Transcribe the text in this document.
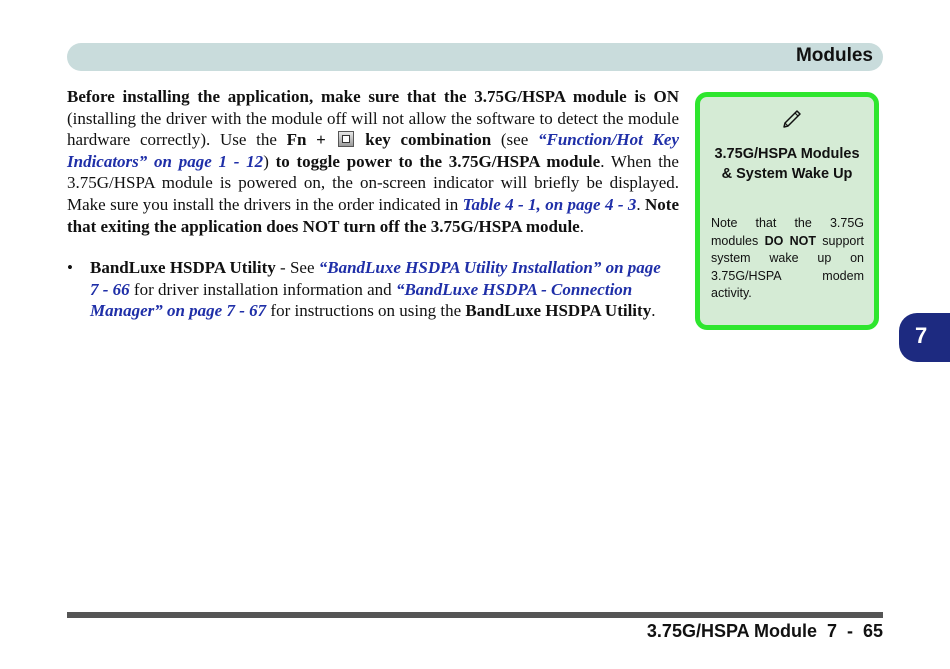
Modules

Before installing the application, make sure that the 3.75G/HSPA module is ON (installing the driver with the module off will not allow the software to detect the module hardware correctly). Use the Fn +  key combination (see “Function/Hot Key Indicators” on page 1 - 12) to toggle power to the 3.75G/HSPA module. When the 3.75G/HSPA module is powered on, the on-screen indicator will briefly be displayed. Make sure you install the drivers in the order indicated in Table 4 - 1, on page 4 - 3. Note that exiting the application does NOT turn off the 3.75G/HSPA module.

• BandLuxe HSDPA Utility - See “BandLuxe HSDPA Utility Installation” on page 7 - 66 for driver installation information and “BandLuxe HSDPA - Connection Manager” on page 7 - 67 for instructions on using the BandLuxe HSDPA Utility.
3.75G/HSPA Modules & System Wake Up
Note that the 3.75G modules DO NOT support system wake up on 3.75G/HSPA modem activity.
7
3.75G/HSPA Module  7  -  65
